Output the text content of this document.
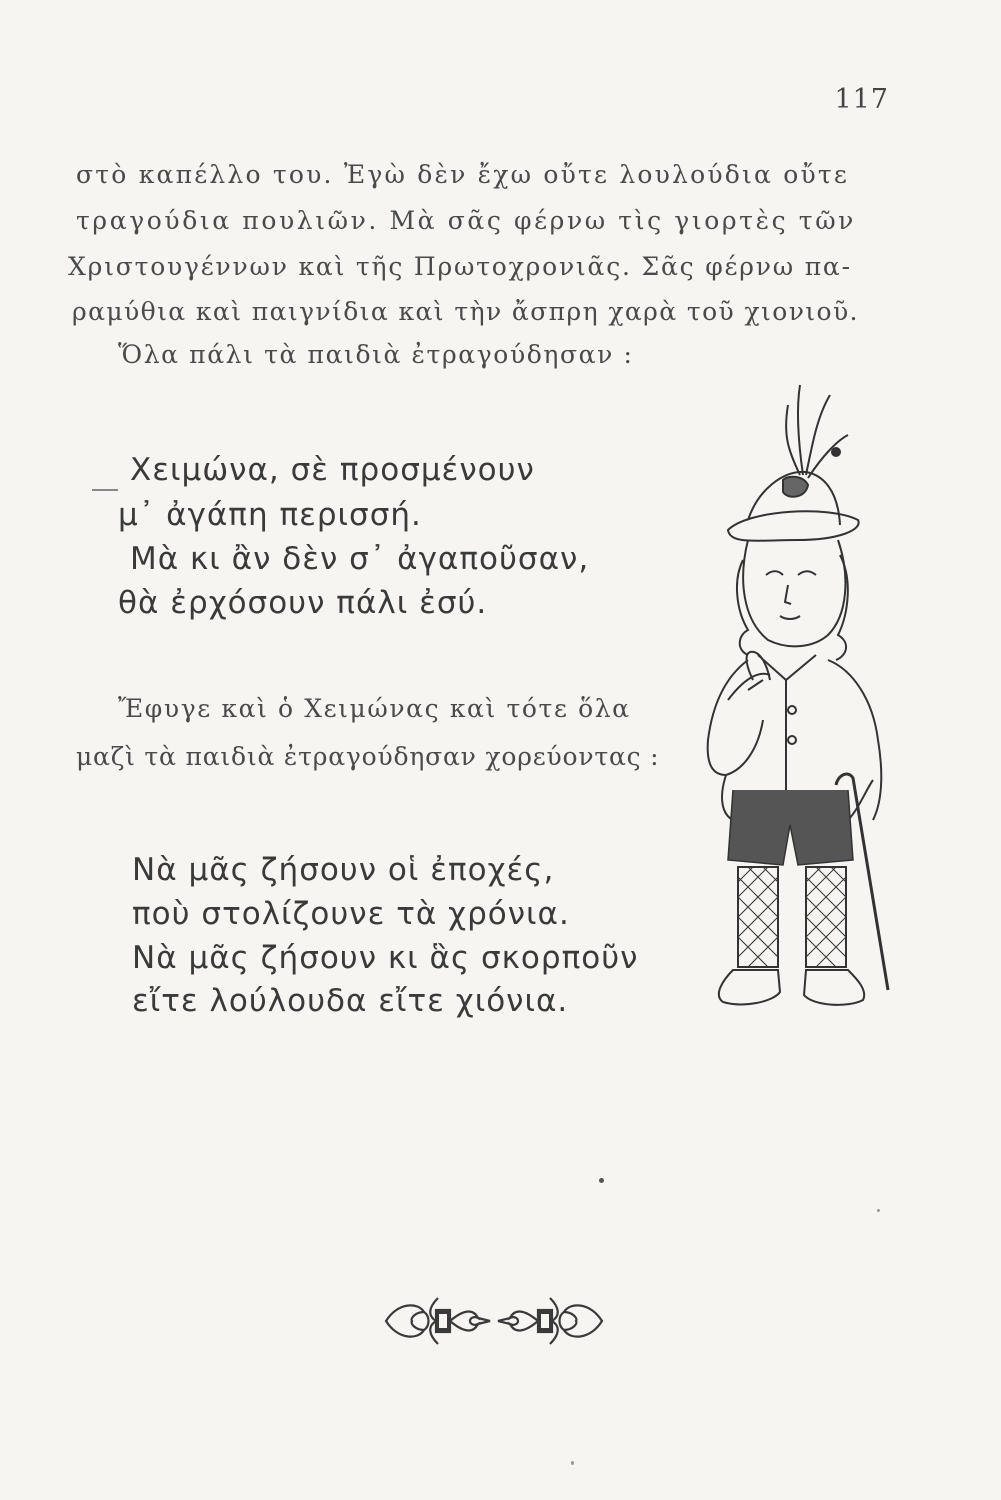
117

στὸ καπέλλο του. Ἐγὼ δὲν ἔχω οὔτε λουλούδια οὔτε

τραγούδια πουλιῶν. Μὰ σᾶς φέρνω τὶς γιορτὲς τῶν

Χριστουγέννων καὶ τῆς Πρωτοχρονιᾶς. Σᾶς φέρνω πα-

ραμύθια καὶ παιγνίδια καὶ τὴν ἄσπρη χαρὰ τοῦ χιονιοῦ.

Ὅλα πάλι τὰ παιδιὰ ἐτραγούδησαν :

Χειμώνα, σὲ προσμένουν

μ᾽ ἀγάπη περισσή.

Μὰ κι ἂν δὲν σ᾽ ἀγαποῦσαν,

θὰ ἐρχόσουν πάλι ἐσύ.

Ἔφυγε καὶ ὁ Χειμώνας καὶ τότε ὅλα

μαζὶ τὰ παιδιὰ ἐτραγούδησαν χορεύοντας :

Νὰ μᾶς ζήσουν οἱ ἐποχές,

ποὺ στολίζουνε τὰ χρόνια.

Νὰ μᾶς ζήσουν κι ἃς σκορποῦν

εἴτε λούλουδα εἴτε χιόνια.
